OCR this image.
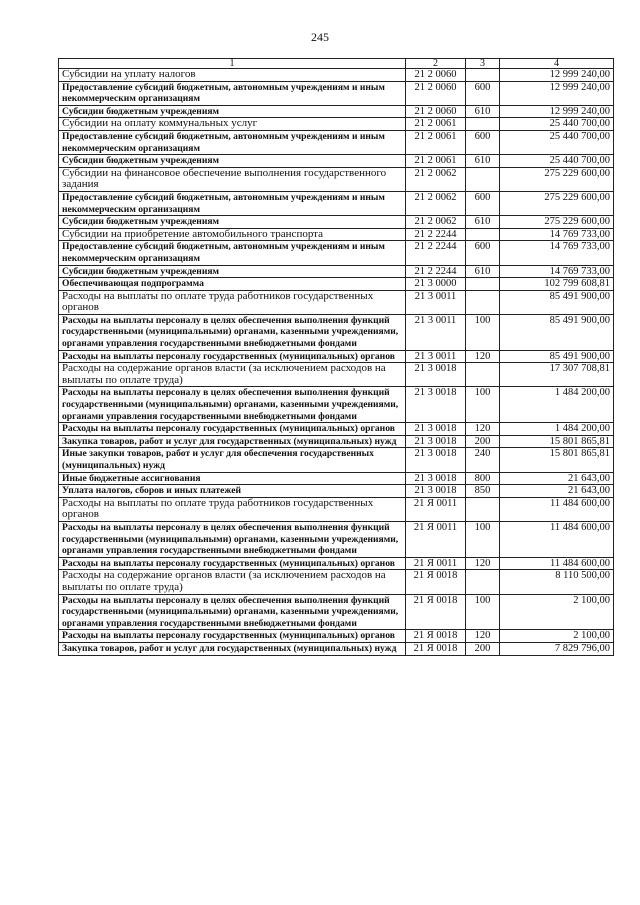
245
1	2	3	4
Субсидии на уплату налогов	21 2 0060		12 999 240,00
Предоставление субсидий бюджетным, автономным учреждениям и иным некоммерческим организациям	21 2 0060	600	12 999 240,00
Субсидии бюджетным учреждениям	21 2 0060	610	12 999 240,00
Субсидии на оплату коммунальных услуг	21 2 0061		25 440 700,00
Предоставление субсидий бюджетным, автономным учреждениям и иным некоммерческим организациям	21 2 0061	600	25 440 700,00
Субсидии бюджетным учреждениям	21 2 0061	610	25 440 700,00
Субсидии на финансовое обеспечение выполнения государственного задания	21 2 0062		275 229 600,00
Предоставление субсидий бюджетным, автономным учреждениям и иным некоммерческим организациям	21 2 0062	600	275 229 600,00
Субсидии бюджетным учреждениям	21 2 0062	610	275 229 600,00
Субсидии на приобретение автомобильного транспорта	21 2 2244		14 769 733,00
Предоставление субсидий бюджетным, автономным учреждениям и иным некоммерческим организациям	21 2 2244	600	14 769 733,00
Субсидии бюджетным учреждениям	21 2 2244	610	14 769 733,00
Обеспечивающая подпрограмма	21 3 0000		102 799 608,81
Расходы на выплаты по оплате труда работников государственных органов	21 3 0011		85 491 900,00
Расходы на выплаты персоналу в целях обеспечения выполнения функций государственными (муниципальными) органами, казенными учреждениями, органами управления государственными внебюджетными фондами	21 3 0011	100	85 491 900,00
Расходы на выплаты персоналу государственных (муниципальных) органов	21 3 0011	120	85 491 900,00
Расходы на содержание органов власти (за исключением расходов на выплаты по оплате труда)	21 3 0018		17 307 708,81
Расходы на выплаты персоналу в целях обеспечения выполнения функций государственными (муниципальными) органами, казенными учреждениями, органами управления государственными внебюджетными фондами	21 3 0018	100	1 484 200,00
Расходы на выплаты персоналу государственных (муниципальных) органов	21 3 0018	120	1 484 200,00
Закупка товаров, работ и услуг для государственных (муниципальных) нужд	21 3 0018	200	15 801 865,81
Иные закупки товаров, работ и услуг для обеспечения государственных (муниципальных) нужд	21 3 0018	240	15 801 865,81
Иные бюджетные ассигнования	21 3 0018	800	21 643,00
Уплата налогов, сборов и иных платежей	21 3 0018	850	21 643,00
Расходы на выплаты по оплате труда работников государственных органов	21 Я 0011		11 484 600,00
Расходы на выплаты персоналу в целях обеспечения выполнения функций государственными (муниципальными) органами, казенными учреждениями, органами управления государственными внебюджетными фондами	21 Я 0011	100	11 484 600,00
Расходы на выплаты персоналу государственных (муниципальных) органов	21 Я 0011	120	11 484 600,00
Расходы на содержание органов власти (за исключением расходов на выплаты по оплате труда)	21 Я 0018		8 110 500,00
Расходы на выплаты персоналу в целях обеспечения выполнения функций государственными (муниципальными) органами, казенными учреждениями, органами управления государственными внебюджетными фондами	21 Я 0018	100	2 100,00
Расходы на выплаты персоналу государственных (муниципальных) органов	21 Я 0018	120	2 100,00
Закупка товаров, работ и услуг для государственных (муниципальных) нужд	21 Я 0018	200	7 829 796,00
